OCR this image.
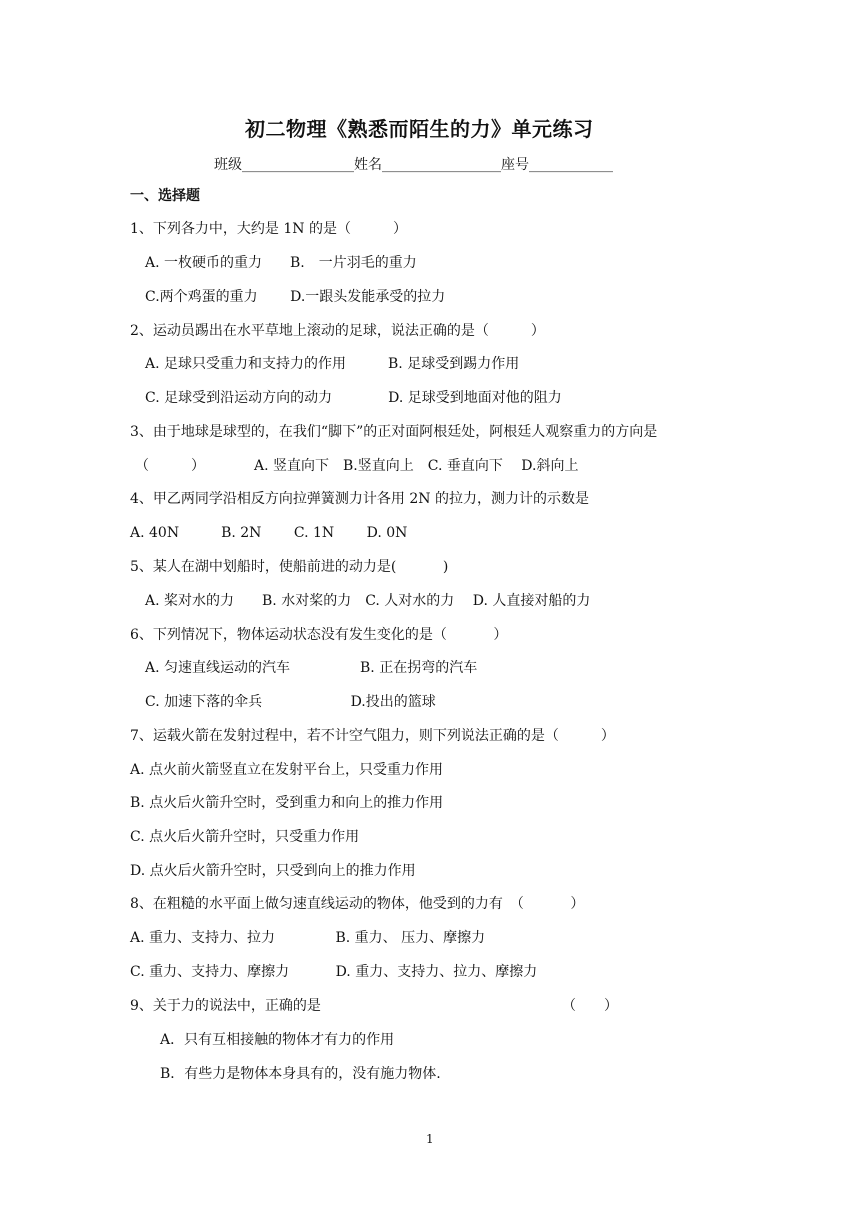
初二物理《熟悉而陌生的力》单元练习
班级________________姓名_________________座号____________
一、选择题
1、下列各力中，大约是 1N 的是（　　　）
A. 一枚硬币的重力　　B.　一片羽毛的重力
C.两个鸡蛋的重力　　 D.一跟头发能承受的拉力
2、运动员踢出在水平草地上滚动的足球，说法正确的是（　　　）
A. 足球只受重力和支持力的作用　　　B. 足球受到踢力作用
C. 足球受到沿运动方向的动力　　　　D. 足球受到地面对他的阻力
3、由于地球是球型的，在我们“脚下”的正对面阿根廷处，阿根廷人观察重力的方向是
（　　　）　　　　A. 竖直向下　B.竖直向上　C. 垂直向下　 D.斜向上
4、甲乙两同学沿相反方向拉弹簧测力计各用 2N 的拉力，测力计的示数是
A. 40N　　　B. 2N　　 C. 1N　　 D. 0N
5、某人在湖中划船时，使船前进的动力是(　　　 )
A. 桨对水的力　　B. 水对桨的力　C. 人对水的力　 D. 人直接对船的力
6、下列情况下，物体运动状态没有发生变化的是（　　　 ）
A. 匀速直线运动的汽车　　　　　B. 正在拐弯的汽车
C. 加速下落的伞兵　　　　　　 D.投出的篮球
7、运载火箭在发射过程中，若不计空气阻力，则下列说法正确的是（　　　）
A. 点火前火箭竖直立在发射平台上，只受重力作用
B. 点火后火箭升空时，受到重力和向上的推力作用
C. 点火后火箭升空时，只受重力作用
D. 点火后火箭升空时，只受到向上的推力作用
8、在粗糙的水平面上做匀速直线运动的物体，他受到的力有　（　　　 ）
A. 重力、支持力、拉力　　　　 B. 重力、 压力、摩擦力
C. 重力、支持力、摩擦力　　　 D. 重力、支持力、拉力、摩擦力
9、关于力的说法中，正确的是	（　　）
A．只有互相接触的物体才有力的作用
B．有些力是物体本身具有的，没有施力物体.
1
